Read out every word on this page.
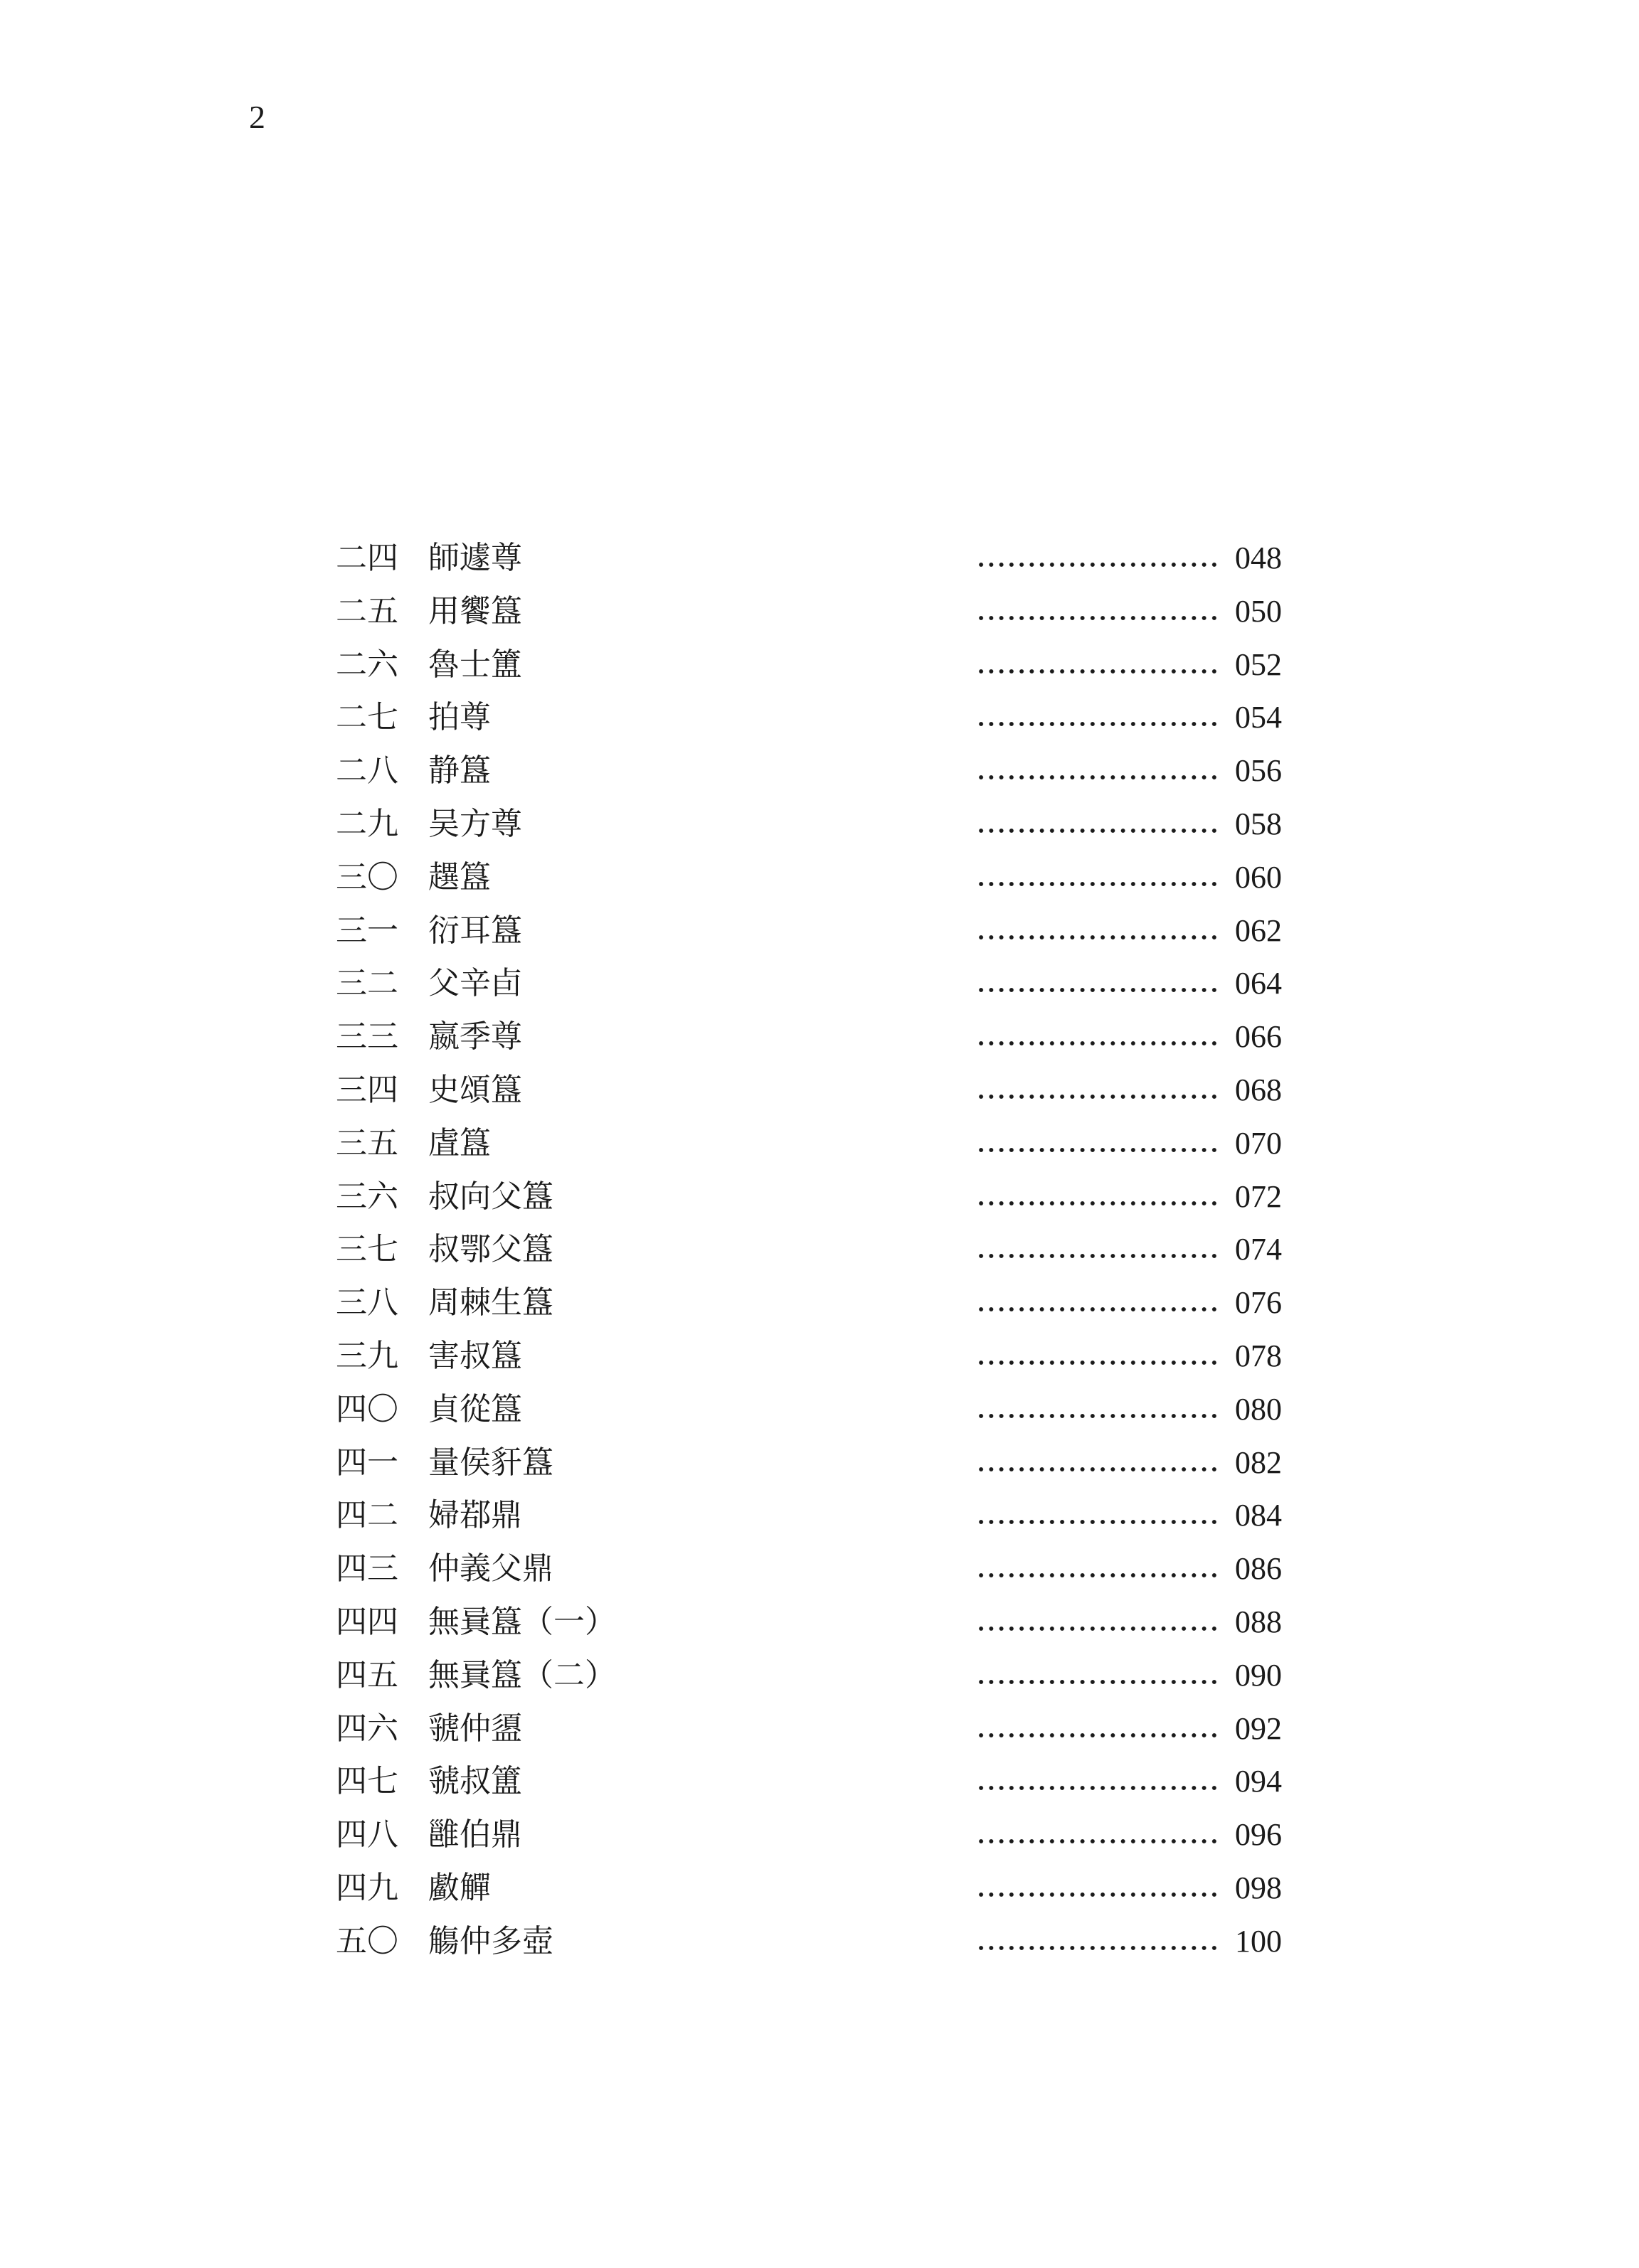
2
二四 師遽尊	048
二五 用饗簋	050
二六 魯士簠	052
二七 拍尊	054
二八 静簋	056
二九 吴方尊	058
三〇 趩簋	060
三一 衍耳簋	062
三二 父辛卣	064
三三 嬴季尊	066
三四 史頌簋	068
三五 虘簋	070
三六 叔向父簋	072
三七 叔鄂父簋	074
三八 周棘生簋	076
三九 害叔簋	078
四〇 貞從簋	080
四一 量侯豻簋	082
四二 婦鄀鼎	084
四三 仲義父鼎	086
四四 無㠱簋（一）	088
四五 無㠱簋（二）	090
四六 虢仲盨	092
四七 虢叔簠	094
四八 雝伯鼎	096
四九 䲣觶	098
五〇 觴仲多壺	100
